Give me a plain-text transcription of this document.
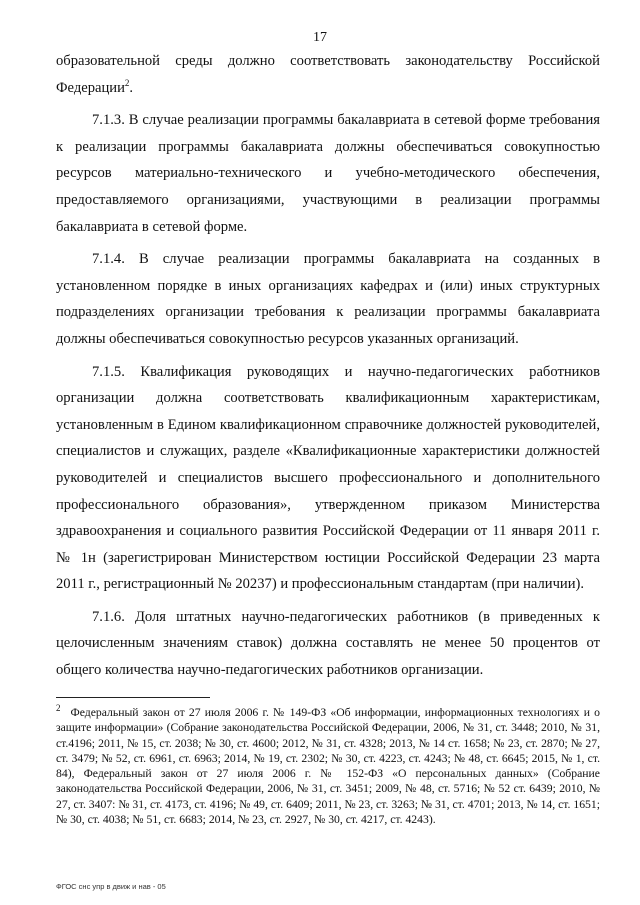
17

образовательной среды должно соответствовать законодательству Российской Федерации$^2$.

7.1.3. В случае реализации программы бакалавриата в сетевой форме требования к реализации программы бакалавриата должны обеспечиваться совокупностью ресурсов материально-технического и учебно-методического обеспечения, предоставляемого организациями, участвующими в реализации программы бакалавриата в сетевой форме.

7.1.4. В случае реализации программы бакалавриата на созданных в установленном порядке в иных организациях кафедрах и (или) иных структурных подразделениях организации требования к реализации программы бакалавриата должны обеспечиваться совокупностью ресурсов указанных организаций.

7.1.5. Квалификация руководящих и научно-педагогических работников организации должна соответствовать квалификационным характеристикам, установленным в Едином квалификационном справочнике должностей руководителей, специалистов и служащих, разделе «Квалификационные характеристики должностей руководителей и специалистов высшего профессионального и дополнительного профессионального образования», утвержденном приказом Министерства здравоохранения и социального развития Российской Федерации от 11 января 2011 г. № 1н (зарегистрирован Министерством юстиции Российской Федерации 23 марта 2011 г., регистрационный № 20237) и профессиональным стандартам (при наличии).

7.1.6. Доля штатных научно-педагогических работников (в приведенных к целочисленным значениям ставок) должна составлять не менее 50 процентов от общего количества научно-педагогических работников организации.

$^2$ Федеральный закон от 27 июля 2006 г. № 149-ФЗ «Об информации, информационных технологиях и о защите информации» (Собрание законодательства Российской Федерации, 2006, № 31, ст. 3448; 2010, № 31, ст.4196; 2011, № 15, ст. 2038; № 30, ст. 4600; 2012, № 31, ст. 4328; 2013, № 14 ст. 1658; № 23, ст. 2870; № 27, ст. 3479; № 52, ст. 6961, ст. 6963; 2014, № 19, ст. 2302; № 30, ст. 4223, ст. 4243; № 48, ст. 6645; 2015, № 1, ст. 84), Федеральный закон от 27 июля 2006 г. № 152-ФЗ «О персональных данных» (Собрание законодательства Российской Федерации, 2006, № 31, ст. 3451; 2009, № 48, ст. 5716; № 52 ст. 6439; 2010, № 27, ст. 3407: № 31, ст. 4173, ст. 4196; № 49, ст. 6409; 2011, № 23, ст. 3263; № 31, ст. 4701; 2013, № 14, ст. 1651; № 30, ст. 4038; № 51, ст. 6683; 2014, № 23, ст. 2927, № 30, ст. 4217, ст. 4243).

ФГОС снс упр в движ и нав - 05
